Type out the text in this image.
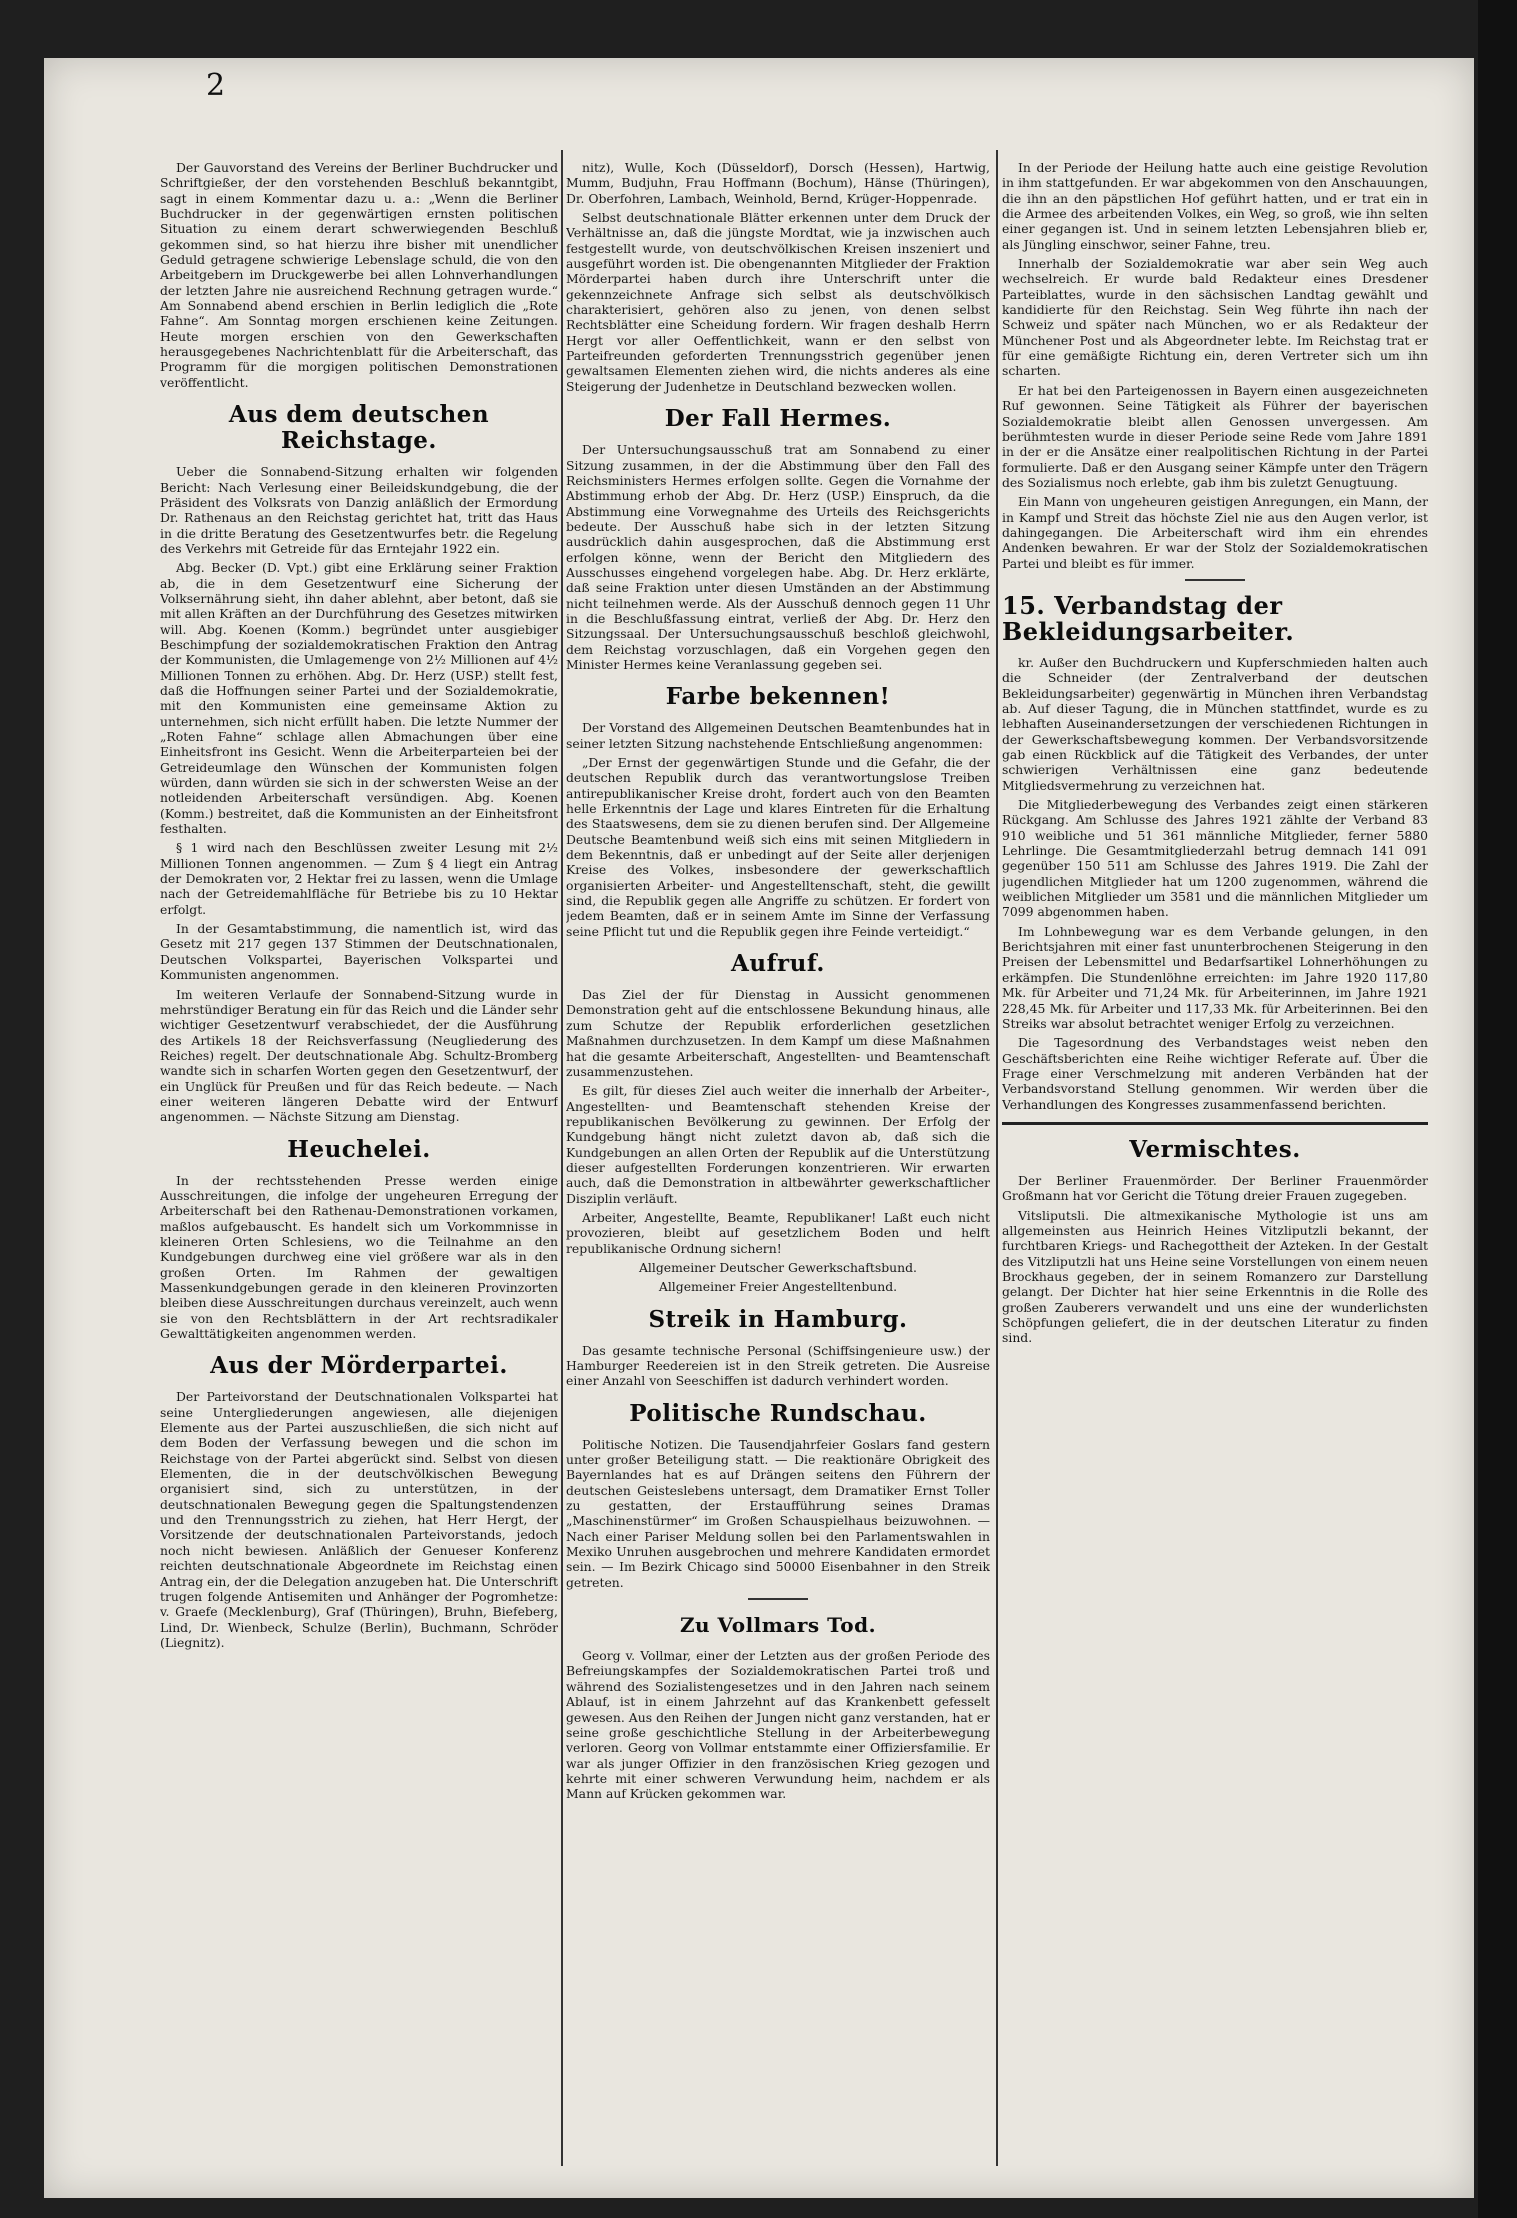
2

Der Gauvorstand des Vereins der Berliner Buchdrucker und Schriftgießer, der den vorstehenden Beschluß bekanntgibt, sagt in einem Kommentar dazu u. a.: „Wenn die Berliner Buchdrucker in der gegenwärtigen ernsten politischen Situation zu einem derart schwerwiegenden Beschluß gekommen sind, so hat hierzu ihre bisher mit unendlicher Geduld getragene schwierige Lebenslage schuld, die von den Arbeitgebern im Druckgewerbe bei allen Lohnverhandlungen der letzten Jahre nie ausreichend Rechnung getragen wurde.“ Am Sonnabend abend erschien in Berlin lediglich die „Rote Fahne“. Am Sonntag morgen erschienen keine Zeitungen. Heute morgen erschien von den Gewerkschaften herausgegebenes Nachrichtenblatt für die Arbeiterschaft, das Programm für die morgigen politischen Demonstrationen veröffentlicht.

Aus dem deutschen Reichstage.

Ueber die Sonnabend-Sitzung erhalten wir folgenden Bericht: Nach Verlesung einer Beileidskundgebung, die der Präsident des Volksrats von Danzig anläßlich der Ermordung Dr. Rathenaus an den Reichstag gerichtet hat, tritt das Haus in die dritte Beratung des Gesetzentwurfes betr. die Regelung des Verkehrs mit Getreide für das Erntejahr 1922 ein.

Abg. Becker (D. Vpt.) gibt eine Erklärung seiner Fraktion ab, die in dem Gesetzentwurf eine Sicherung der Volksernährung sieht, ihn daher ablehnt, aber betont, daß sie mit allen Kräften an der Durchführung des Gesetzes mitwirken will. Abg. Koenen (Komm.) begründet unter ausgiebiger Beschimpfung der sozialdemokratischen Fraktion den Antrag der Kommunisten, die Umlagemenge von 2½ Millionen auf 4½ Millionen Tonnen zu erhöhen. Abg. Dr. Herz (USP.) stellt fest, daß die Hoffnungen seiner Partei und der Sozialdemokratie, mit den Kommunisten eine gemeinsame Aktion zu unternehmen, sich nicht erfüllt haben. Die letzte Nummer der „Roten Fahne“ schlage allen Abmachungen über eine Einheitsfront ins Gesicht. Wenn die Arbeiterparteien bei der Getreideumlage den Wünschen der Kommunisten folgen würden, dann würden sie sich in der schwersten Weise an der notleidenden Arbeiterschaft versündigen. Abg. Koenen (Komm.) bestreitet, daß die Kommunisten an der Einheitsfront festhalten.

§ 1 wird nach den Beschlüssen zweiter Lesung mit 2½ Millionen Tonnen angenommen. — Zum § 4 liegt ein Antrag der Demokraten vor, 2 Hektar frei zu lassen, wenn die Umlage nach der Getreidemahlfläche für Betriebe bis zu 10 Hektar erfolgt.

In der Gesamtabstimmung, die namentlich ist, wird das Gesetz mit 217 gegen 137 Stimmen der Deutschnationalen, Deutschen Volkspartei, Bayerischen Volkspartei und Kommunisten angenommen.

Im weiteren Verlaufe der Sonnabend-Sitzung wurde in mehrstündiger Beratung ein für das Reich und die Länder sehr wichtiger Gesetzentwurf verabschiedet, der die Ausführung des Artikels 18 der Reichsverfassung (Neugliederung des Reiches) regelt. Der deutschnationale Abg. Schultz-Bromberg wandte sich in scharfen Worten gegen den Gesetzentwurf, der ein Unglück für Preußen und für das Reich bedeute. — Nach einer weiteren längeren Debatte wird der Entwurf angenommen. — Nächste Sitzung am Dienstag.

Heuchelei.

In der rechtsstehenden Presse werden einige Ausschreitungen, die infolge der ungeheuren Erregung der Arbeiterschaft bei den Rathenau-Demonstrationen vorkamen, maßlos aufgebauscht. Es handelt sich um Vorkommnisse in kleineren Orten Schlesiens, wo die Teilnahme an den Kundgebungen durchweg eine viel größere war als in den großen Orten. Im Rahmen der gewaltigen Massenkundgebungen gerade in den kleineren Provinzorten bleiben diese Ausschreitungen durchaus vereinzelt, auch wenn sie von den Rechtsblättern in der Art rechtsradikaler Gewalttätigkeiten angenommen werden.

Aus der Mörderpartei.

Der Parteivorstand der Deutschnationalen Volkspartei hat seine Untergliederungen angewiesen, alle diejenigen Elemente aus der Partei auszuschließen, die sich nicht auf dem Boden der Verfassung bewegen und die schon im Reichstage von der Partei abgerückt sind. Selbst von diesen Elementen, die in der deutschvölkischen Bewegung organisiert sind, sich zu unterstützen, in der deutschnationalen Bewegung gegen die Spaltungstendenzen und den Trennungsstrich zu ziehen, hat Herr Hergt, der Vorsitzende der deutschnationalen Parteivorstands, jedoch noch nicht bewiesen. Anläßlich der Genueser Konferenz reichten deutschnationale Abgeordnete im Reichstag einen Antrag ein, der die Delegation anzugeben hat. Die Unterschrift trugen folgende Antisemiten und Anhänger der Pogromhetze: v. Graefe (Mecklenburg), Graf (Thüringen), Bruhn, Biefeberg, Lind, Dr. Wienbeck, Schulze (Berlin), Buchmann, Schröder (Liegnitz).

nitz), Wulle, Koch (Düsseldorf), Dorsch (Hessen), Hartwig, Mumm, Budjuhn, Frau Hoffmann (Bochum), Hänse (Thüringen), Dr. Oberfohren, Lambach, Weinhold, Bernd, Krüger-Hoppenrade.

Selbst deutschnationale Blätter erkennen unter dem Druck der Verhältnisse an, daß die jüngste Mordtat, wie ja inzwischen auch festgestellt wurde, von deutschvölkischen Kreisen inszeniert und ausgeführt worden ist. Die obengenannten Mitglieder der Fraktion Mörderpartei haben durch ihre Unterschrift unter die gekennzeichnete Anfrage sich selbst als deutschvölkisch charakterisiert, gehören also zu jenen, von denen selbst Rechtsblätter eine Scheidung fordern. Wir fragen deshalb Herrn Hergt vor aller Oeffentlichkeit, wann er den selbst von Parteifreunden geforderten Trennungsstrich gegenüber jenen gewaltsamen Elementen ziehen wird, die nichts anderes als eine Steigerung der Judenhetze in Deutschland bezwecken wollen.

Der Fall Hermes.

Der Untersuchungsausschuß trat am Sonnabend zu einer Sitzung zusammen, in der die Abstimmung über den Fall des Reichsministers Hermes erfolgen sollte. Gegen die Vornahme der Abstimmung erhob der Abg. Dr. Herz (USP.) Einspruch, da die Abstimmung eine Vorwegnahme des Urteils des Reichsgerichts bedeute. Der Ausschuß habe sich in der letzten Sitzung ausdrücklich dahin ausgesprochen, daß die Abstimmung erst erfolgen könne, wenn der Bericht den Mitgliedern des Ausschusses eingehend vorgelegen habe. Abg. Dr. Herz erklärte, daß seine Fraktion unter diesen Umständen an der Abstimmung nicht teilnehmen werde. Als der Ausschuß dennoch gegen 11 Uhr in die Beschlußfassung eintrat, verließ der Abg. Dr. Herz den Sitzungssaal. Der Untersuchungsausschuß beschloß gleichwohl, dem Reichstag vorzuschlagen, daß ein Vorgehen gegen den Minister Hermes keine Veranlassung gegeben sei.

Farbe bekennen!

Der Vorstand des Allgemeinen Deutschen Beamtenbundes hat in seiner letzten Sitzung nachstehende Entschließung angenommen:

„Der Ernst der gegenwärtigen Stunde und die Gefahr, die der deutschen Republik durch das verantwortungslose Treiben antirepublikanischer Kreise droht, fordert auch von den Beamten helle Erkenntnis der Lage und klares Eintreten für die Erhaltung des Staatswesens, dem sie zu dienen berufen sind. Der Allgemeine Deutsche Beamtenbund weiß sich eins mit seinen Mitgliedern in dem Bekenntnis, daß er unbedingt auf der Seite aller derjenigen Kreise des Volkes, insbesondere der gewerkschaftlich organisierten Arbeiter- und Angestelltenschaft, steht, die gewillt sind, die Republik gegen alle Angriffe zu schützen. Er fordert von jedem Beamten, daß er in seinem Amte im Sinne der Verfassung seine Pflicht tut und die Republik gegen ihre Feinde verteidigt.“

Aufruf.

Das Ziel der für Dienstag in Aussicht genommenen Demonstration geht auf die entschlossene Bekundung hinaus, alle zum Schutze der Republik erforderlichen gesetzlichen Maßnahmen durchzusetzen. In dem Kampf um diese Maßnahmen hat die gesamte Arbeiterschaft, Angestellten- und Beamtenschaft zusammenzustehen.

Es gilt, für dieses Ziel auch weiter die innerhalb der Arbeiter-, Angestellten- und Beamtenschaft stehenden Kreise der republikanischen Bevölkerung zu gewinnen. Der Erfolg der Kundgebung hängt nicht zuletzt davon ab, daß sich die Kundgebungen an allen Orten der Republik auf die Unterstützung dieser aufgestellten Forderungen konzentrieren. Wir erwarten auch, daß die Demonstration in altbewährter gewerkschaftlicher Disziplin verläuft.

Arbeiter, Angestellte, Beamte, Republikaner! Laßt euch nicht provozieren, bleibt auf gesetzlichem Boden und helft republikanische Ordnung sichern!

Allgemeiner Deutscher Gewerkschaftsbund.

Allgemeiner Freier Angestelltenbund.

Streik in Hamburg.

Das gesamte technische Personal (Schiffsingenieure usw.) der Hamburger Reedereien ist in den Streik getreten. Die Ausreise einer Anzahl von Seeschiffen ist dadurch verhindert worden.

Politische Rundschau.

Politische Notizen. Die Tausendjahrfeier Goslars fand gestern unter großer Beteiligung statt. — Die reaktionäre Obrigkeit des Bayernlandes hat es auf Drängen seitens den Führern der deutschen Geisteslebens untersagt, dem Dramatiker Ernst Toller zu gestatten, der Erstaufführung seines Dramas „Maschinenstürmer“ im Großen Schauspielhaus beizuwohnen. — Nach einer Pariser Meldung sollen bei den Parlamentswahlen in Mexiko Unruhen ausgebrochen und mehrere Kandidaten ermordet sein. — Im Bezirk Chicago sind 50000 Eisenbahner in den Streik getreten.

Zu Vollmars Tod.

Georg v. Vollmar, einer der Letzten aus der großen Periode des Befreiungskampfes der Sozialdemokratischen Partei troß und während des Sozialistengesetzes und in den Jahren nach seinem Ablauf, ist in einem Jahrzehnt auf das Krankenbett gefesselt gewesen. Aus den Reihen der Jungen nicht ganz verstanden, hat er seine große geschichtliche Stellung in der Arbeiterbewegung verloren. Georg von Vollmar entstammte einer Offiziersfamilie. Er war als junger Offizier in den französischen Krieg gezogen und kehrte mit einer schweren Verwundung heim, nachdem er als Mann auf Krücken gekommen war.

In der Periode der Heilung hatte auch eine geistige Revolution in ihm stattgefunden. Er war abgekommen von den Anschauungen, die ihn an den päpstlichen Hof geführt hatten, und er trat ein in die Armee des arbeitenden Volkes, ein Weg, so groß, wie ihn selten einer gegangen ist. Und in seinem letzten Lebensjahren blieb er, als Jüngling einschwor, seiner Fahne, treu.

Innerhalb der Sozialdemokratie war aber sein Weg auch wechselreich. Er wurde bald Redakteur eines Dresdener Parteiblattes, wurde in den sächsischen Landtag gewählt und kandidierte für den Reichstag. Sein Weg führte ihn nach der Schweiz und später nach München, wo er als Redakteur der Münchener Post und als Abgeordneter lebte. Im Reichstag trat er für eine gemäßigte Richtung ein, deren Vertreter sich um ihn scharten.

Er hat bei den Parteigenossen in Bayern einen ausgezeichneten Ruf gewonnen. Seine Tätigkeit als Führer der bayerischen Sozialdemokratie bleibt allen Genossen unvergessen. Am berühmtesten wurde in dieser Periode seine Rede vom Jahre 1891 in der er die Ansätze einer realpolitischen Richtung in der Partei formulierte. Daß er den Ausgang seiner Kämpfe unter den Trägern des Sozialismus noch erlebte, gab ihm bis zuletzt Genugtuung.

Ein Mann von ungeheuren geistigen Anregungen, ein Mann, der in Kampf und Streit das höchste Ziel nie aus den Augen verlor, ist dahingegangen. Die Arbeiterschaft wird ihm ein ehrendes Andenken bewahren. Er war der Stolz der Sozialdemokratischen Partei und bleibt es für immer.

15. Verbandstag der Bekleidungsarbeiter.

kr. Außer den Buchdruckern und Kupferschmieden halten auch die Schneider (der Zentralverband der deutschen Bekleidungsarbeiter) gegenwärtig in München ihren Verbandstag ab. Auf dieser Tagung, die in München stattfindet, wurde es zu lebhaften Auseinandersetzungen der verschiedenen Richtungen in der Gewerkschaftsbewegung kommen. Der Verbandsvorsitzende gab einen Rückblick auf die Tätigkeit des Verbandes, der unter schwierigen Verhältnissen eine ganz bedeutende Mitgliedsvermehrung zu verzeichnen hat.

Die Mitgliederbewegung des Verbandes zeigt einen stärkeren Rückgang. Am Schlusse des Jahres 1921 zählte der Verband 83 910 weibliche und 51 361 männliche Mitglieder, ferner 5880 Lehrlinge. Die Gesamtmitgliederzahl betrug demnach 141 091 gegenüber 150 511 am Schlusse des Jahres 1919. Die Zahl der jugendlichen Mitglieder hat um 1200 zugenommen, während die weiblichen Mitglieder um 3581 und die männlichen Mitglieder um 7099 abgenommen haben.

Im Lohnbewegung war es dem Verbande gelungen, in den Berichtsjahren mit einer fast ununterbrochenen Steigerung in den Preisen der Lebensmittel und Bedarfsartikel Lohnerhöhungen zu erkämpfen. Die Stundenlöhne erreichten: im Jahre 1920 117,80 Mk. für Arbeiter und 71,24 Mk. für Arbeiterinnen, im Jahre 1921 228,45 Mk. für Arbeiter und 117,33 Mk. für Arbeiterinnen. Bei den Streiks war absolut betrachtet weniger Erfolg zu verzeichnen.

Die Tagesordnung des Verbandstages weist neben den Geschäftsberichten eine Reihe wichtiger Referate auf. Über die Frage einer Verschmelzung mit anderen Verbänden hat der Verbandsvorstand Stellung genommen. Wir werden über die Verhandlungen des Kongresses zusammenfassend berichten.

Vermischtes.

Der Berliner Frauenmörder. Der Berliner Frauenmörder Großmann hat vor Gericht die Tötung dreier Frauen zugegeben.

Vitsliputsli. Die altmexikanische Mythologie ist uns am allgemeinsten aus Heinrich Heines Vitzliputzli bekannt, der furchtbaren Kriegs- und Rachegottheit der Azteken. In der Gestalt des Vitzliputzli hat uns Heine seine Vorstellungen von einem neuen Brockhaus gegeben, der in seinem Romanzero zur Darstellung gelangt. Der Dichter hat hier seine Erkenntnis in die Rolle des großen Zauberers verwandelt und uns eine der wunderlichsten Schöpfungen geliefert, die in der deutschen Literatur zu finden sind.
